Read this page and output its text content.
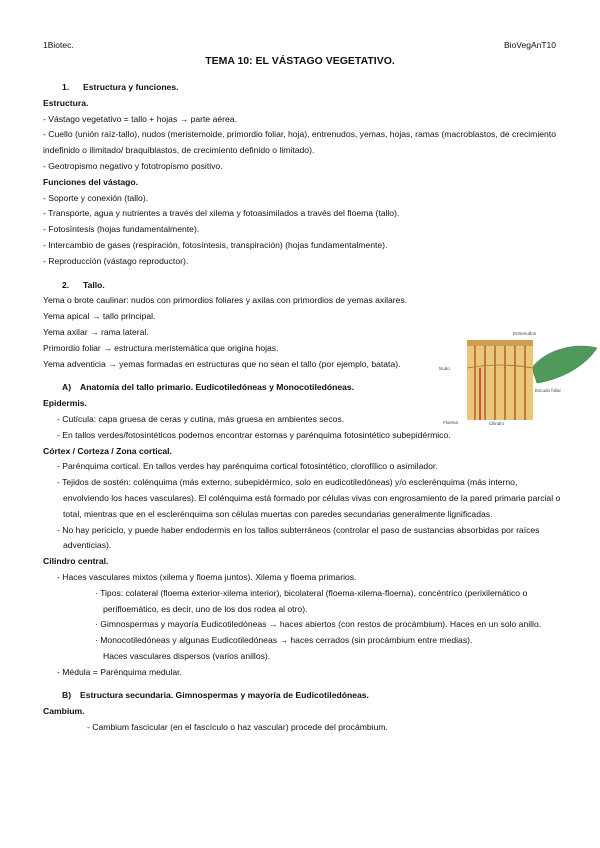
1Biotec.	BioVegAnT10
TEMA 10: EL VÁSTAGO VEGETATIVO.

1. Estructura y funciones.

Estructura.

- Vástago vegetativo = tallo + hojas → parte aérea.

- Cuello (unión raíz-tallo), nudos (meristemoide, primordio foliar, hoja), entrenudos, yemas, hojas, ramas (macroblastos, de crecimiento indefinido o ilimitado/ braquiblastos, de crecimiento definido o limitado).

- Geotropismo negativo y fototropismo positivo.

Funciones del vástago.

- Soporte y conexión (tallo).

- Transporte, agua y nutrientes a través del xilema y fotoasimilados a través del floema (tallo).

- Fotosíntesis (hojas fundamentalmente).

- Intercambio de gases (respiración, fotosíntesis, transpiración) (hojas fundamentalmente).

- Reproducción (vástago reproductor).

2. Tallo.

Yema o brote caulinar: nudos con primordios foliares y axilas con primordios de yemas axilares.

Yema apical → tallo principal.

Yema axilar → rama lateral.

Primordio foliar → estructura meristemática que origina hojas.

Yema adventicia → yemas formadas en estructuras que no sean el tallo (por ejemplo, batata).

A) Anatomía del tallo primario. Eudicotiledóneas y Monocotiledóneas.

Epidermis.

- Cutícula: capa gruesa de ceras y cutina, más gruesa en ambientes secos.

- En tallos verdes/fotosintéticos podemos encontrar estomas y parénquima fotosintético subepidérmico.

Córtex / Corteza / Zona cortical.

- Parénquima cortical. En tallos verdes hay parénquima cortical fotosintético, clorofílico o asimilador.

- Tejidos de sostén: colénquima (más externo, subepidérmico, solo en eudicotiledóneas) y/o esclerénquima (más interno, envolviendo los haces vasculares). El colénquima está formado por células vivas con engrosamiento de la pared primaria parcial o total, mientras que en el esclerénquima son células muertas con paredes secundarias generalmente lignificadas.

- No hay periciclo, y puede haber endodermis en los tallos subterráneos (controlar el paso de sustancias absorbidas por raíces adventicias).

Cilindro central.

- Haces vasculares mixtos (xilema y floema juntos). Xilema y floema primarios.

· Tipos: colateral (floema exterior-xilema interior), bicolateral (floema-xilema-floema), concéntrico (perixilemático o perifloemático, es decir, uno de los dos rodea al otro).

· Gimnospermas y mayoría Eudicotiledóneas → haces abiertos (con restos de procámbium). Haces en un solo anillo.

· Monocotiledóneas y algunas Eudicotiledóneas → haces cerrados (sin procámbium entre medias).

Haces vasculares dispersos (varios anillos).

- Médula = Parénquima medular.

B) Estructura secundaria. Gimnospermas y mayoría de Eudicotiledóneas.

Cambium.

- Cambium fascicular (en el fascículo o haz vascular) procede del procámbium.

Entrenudos
Nudo
Escudo foliar
Floema	Cilindro
